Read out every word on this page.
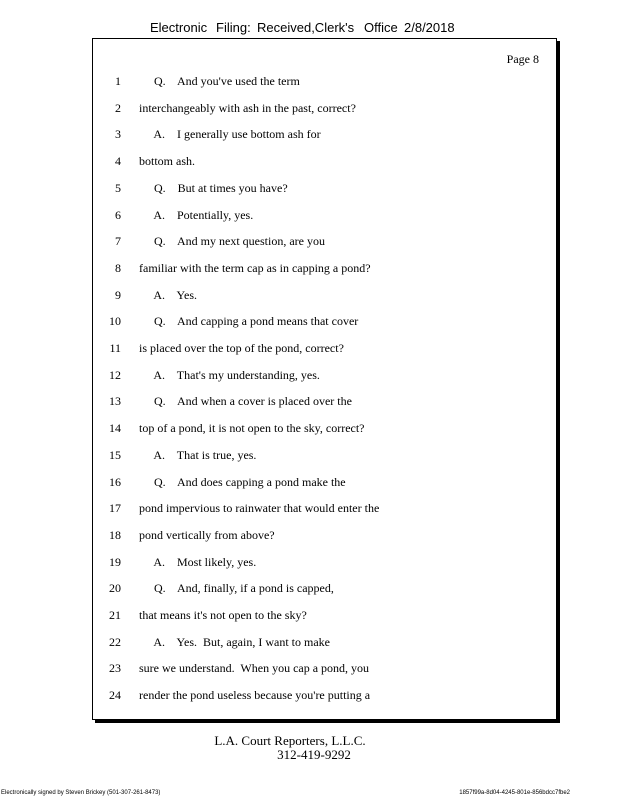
Electronic Filing: Received,Clerk's Office 2/8/2018
Page 8
1 Q.    And you've used the term
2 interchangeably with ash in the past, correct?
3 A.    I generally use bottom ash for
4 bottom ash.
5 Q.    But at times you have?
6 A.    Potentially, yes.
7 Q.    And my next question, are you
8 familiar with the term cap as in capping a pond?
9 A.    Yes.
10 Q.    And capping a pond means that cover
11 is placed over the top of the pond, correct?
12 A.    That's my understanding, yes.
13 Q.    And when a cover is placed over the
14 top of a pond, it is not open to the sky, correct?
15 A.    That is true, yes.
16 Q.    And does capping a pond make the
17 pond impervious to rainwater that would enter the
18 pond vertically from above?
19 A.    Most likely, yes.
20 Q.    And, finally, if a pond is capped,
21 that means it's not open to the sky?
22 A.    Yes.  But, again, I want to make
23 sure we understand.  When you cap a pond, you
24 render the pond useless because you're putting a
L.A. Court Reporters, L.L.C.
312-419-9292
Electronically signed by Steven Brickey (501-307-261-8473)	1857f99a-8d04-4245-801e-856bdcc7fbe2
